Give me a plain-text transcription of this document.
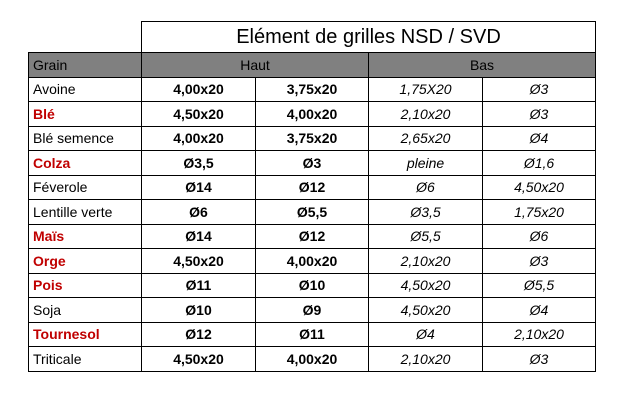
	Elément de grilles NSD / SVD			
Grain	Haut		Bas	
Avoine	4,00x20	3,75x20	1,75X20	Ø3
Blé	4,50x20	4,00x20	2,10x20	Ø3
Blé semence	4,00x20	3,75x20	2,65x20	Ø4
Colza	Ø3,5	Ø3	pleine	Ø1,6
Féverole	Ø14	Ø12	Ø6	4,50x20
Lentille verte	Ø6	Ø5,5	Ø3,5	1,75x20
Maïs	Ø14	Ø12	Ø5,5	Ø6
Orge	4,50x20	4,00x20	2,10x20	Ø3
Pois	Ø11	Ø10	4,50x20	Ø5,5
Soja	Ø10	Ø9	4,50x20	Ø4
Tournesol	Ø12	Ø11	Ø4	2,10x20
Triticale	4,50x20	4,00x20	2,10x20	Ø3
